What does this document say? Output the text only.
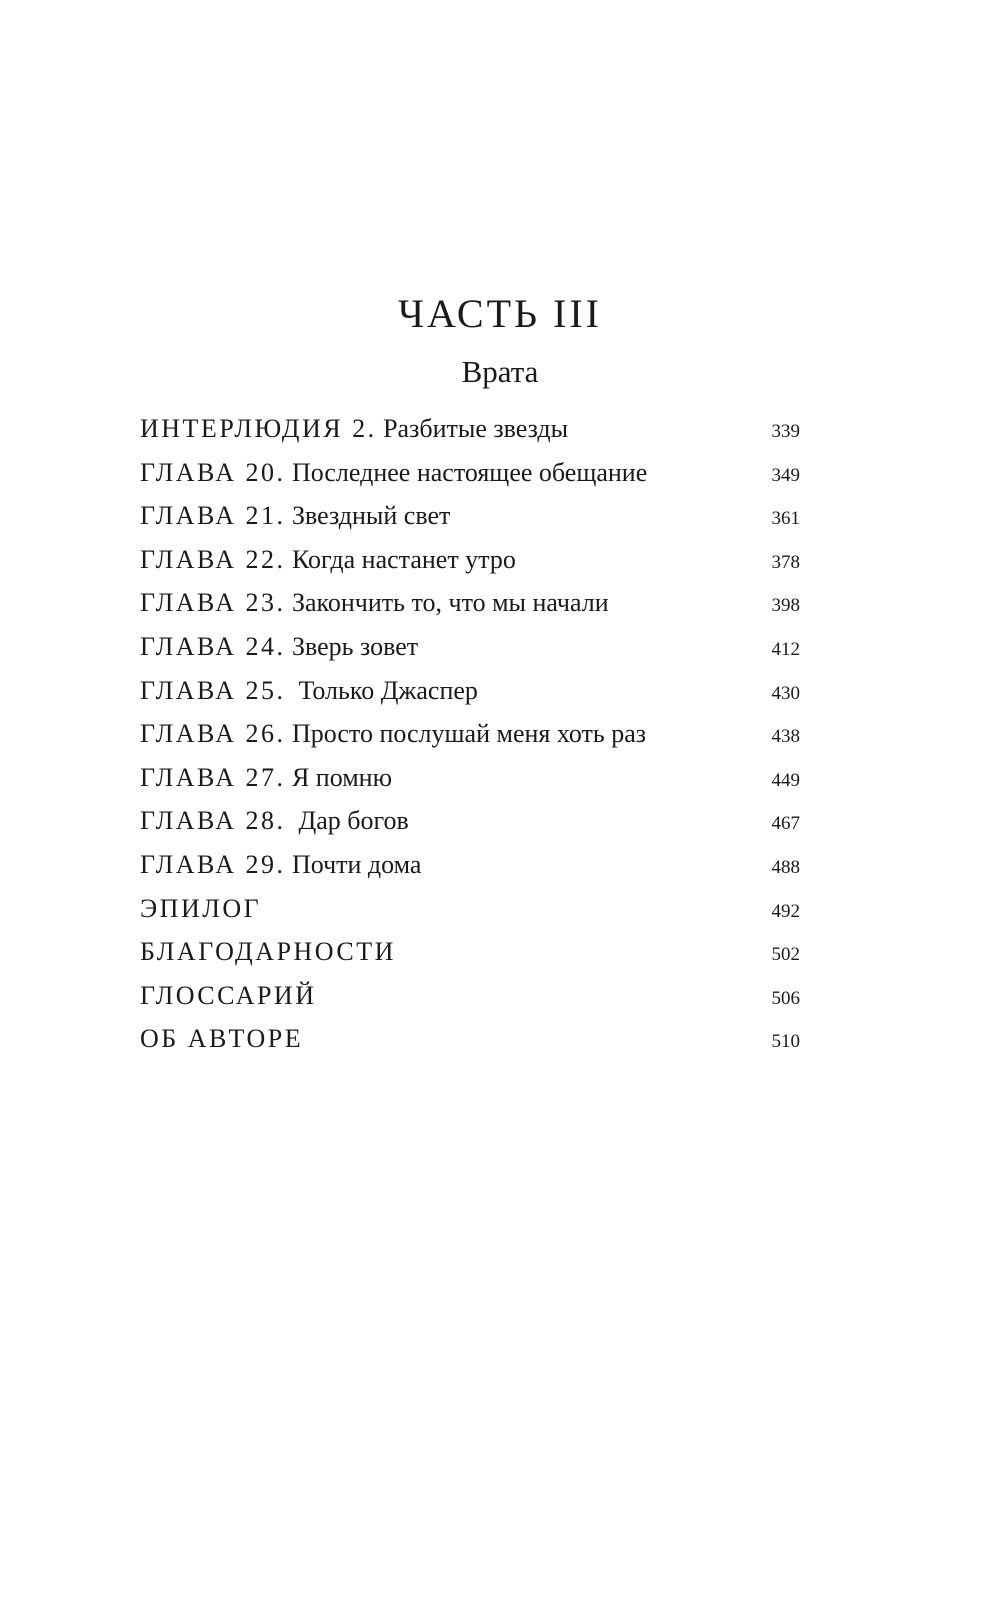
ЧАСТЬ III
Врата
ИНТЕРЛЮДИЯ 2. Разбитые звезды	339
ГЛАВА 20. Последнее настоящее обещание	349
ГЛАВА 21. Звездный свет	361
ГЛАВА 22. Когда настанет утро	378
ГЛАВА 23. Закончить то, что мы начали	398
ГЛАВА 24. Зверь зовет	412
ГЛАВА 25.  Только Джаспер	430
ГЛАВА 26. Просто послушай меня хоть раз	438
ГЛАВА 27. Я помню	449
ГЛАВА 28.  Дар богов	467
ГЛАВА 29. Почти дома	488
ЭПИЛОГ	492
БЛАГОДАРНОСТИ	502
ГЛОССАРИЙ	506
ОБ АВТОРЕ	510
